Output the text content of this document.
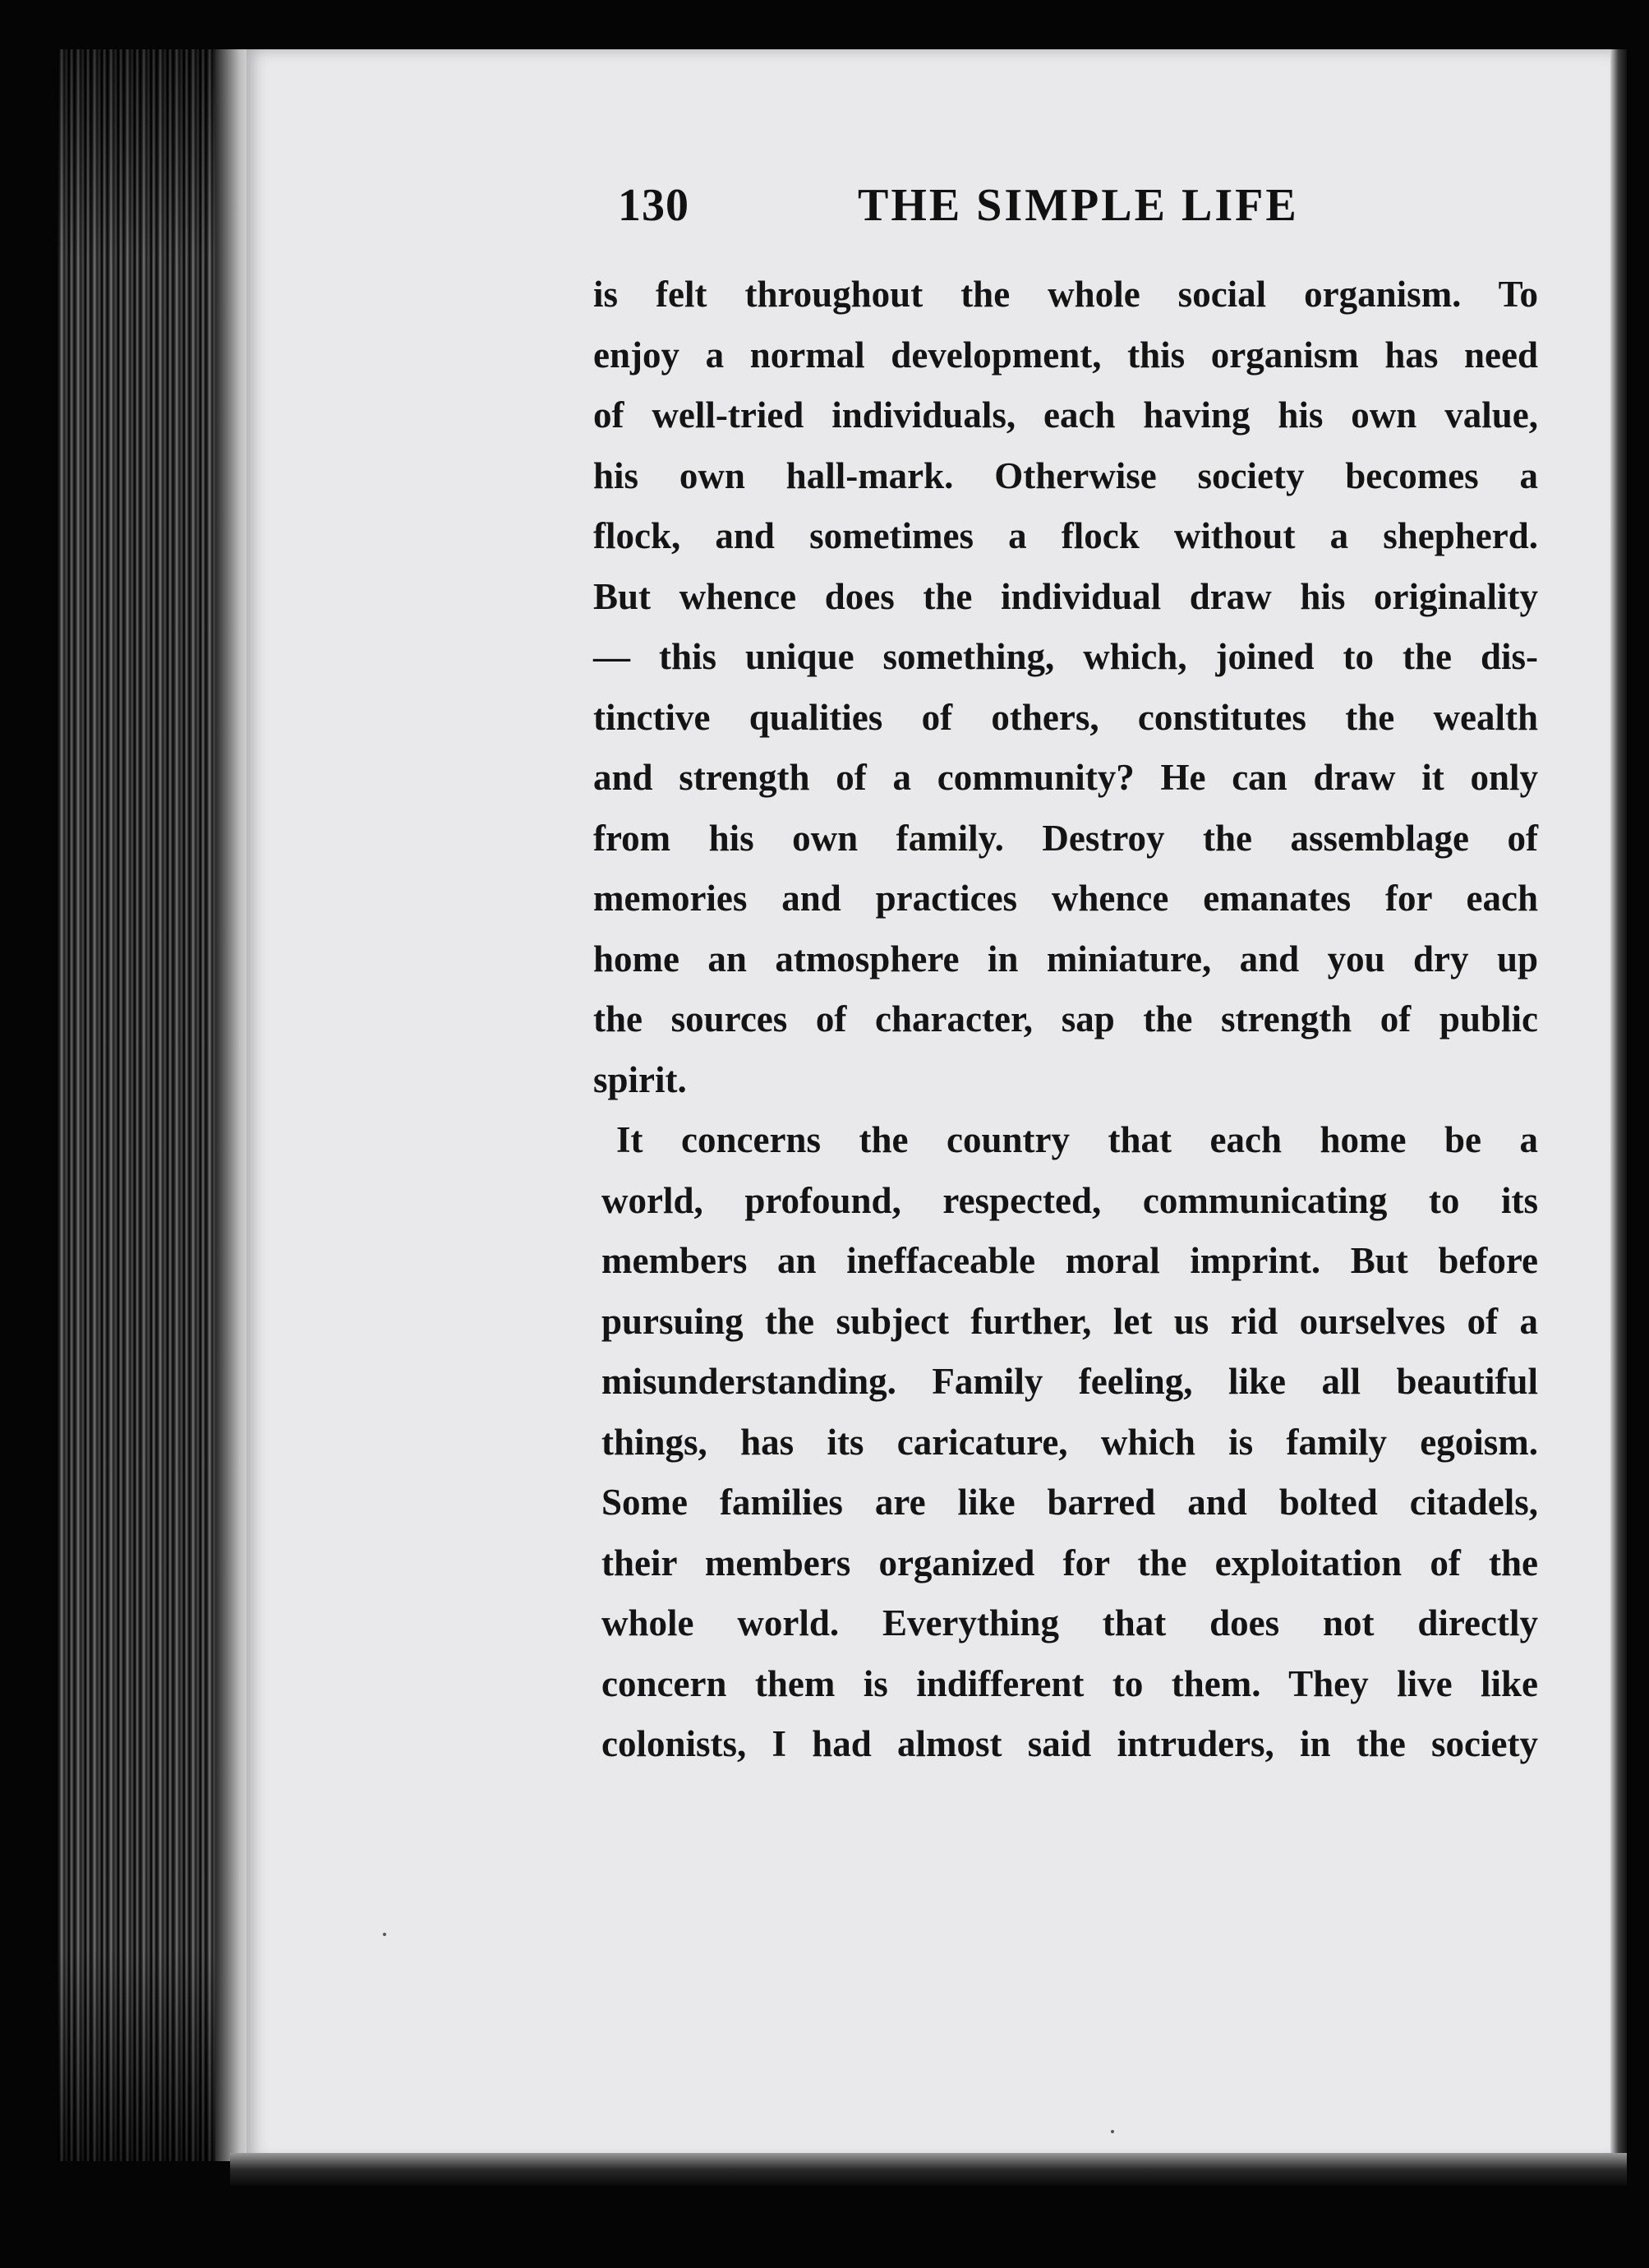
130	THE SIMPLE LIFE
is felt throughout the whole social organism. To
enjoy a normal development, this organism has need
of well-tried individuals, each having his own value,
his own hall-mark. Otherwise society becomes a
flock, and sometimes a flock without a shepherd.
But whence does the individual draw his originality
— this unique something, which, joined to the dis-
tinctive qualities of others, constitutes the wealth
and strength of a community? He can draw it only
from his own family. Destroy the assemblage of
memories and practices whence emanates for each
home an atmosphere in miniature, and you dry up
the sources of character, sap the strength of public
spirit.
It concerns the country that each home be a
world, profound, respected, communicating to its
members an ineffaceable moral imprint. But before
pursuing the subject further, let us rid ourselves of a
misunderstanding. Family feeling, like all beautiful
things, has its caricature, which is family egoism.
Some families are like barred and bolted citadels,
their members organized for the exploitation of the
whole world. Everything that does not directly
concern them is indifferent to them. They live like
colonists, I had almost said intruders, in the society
